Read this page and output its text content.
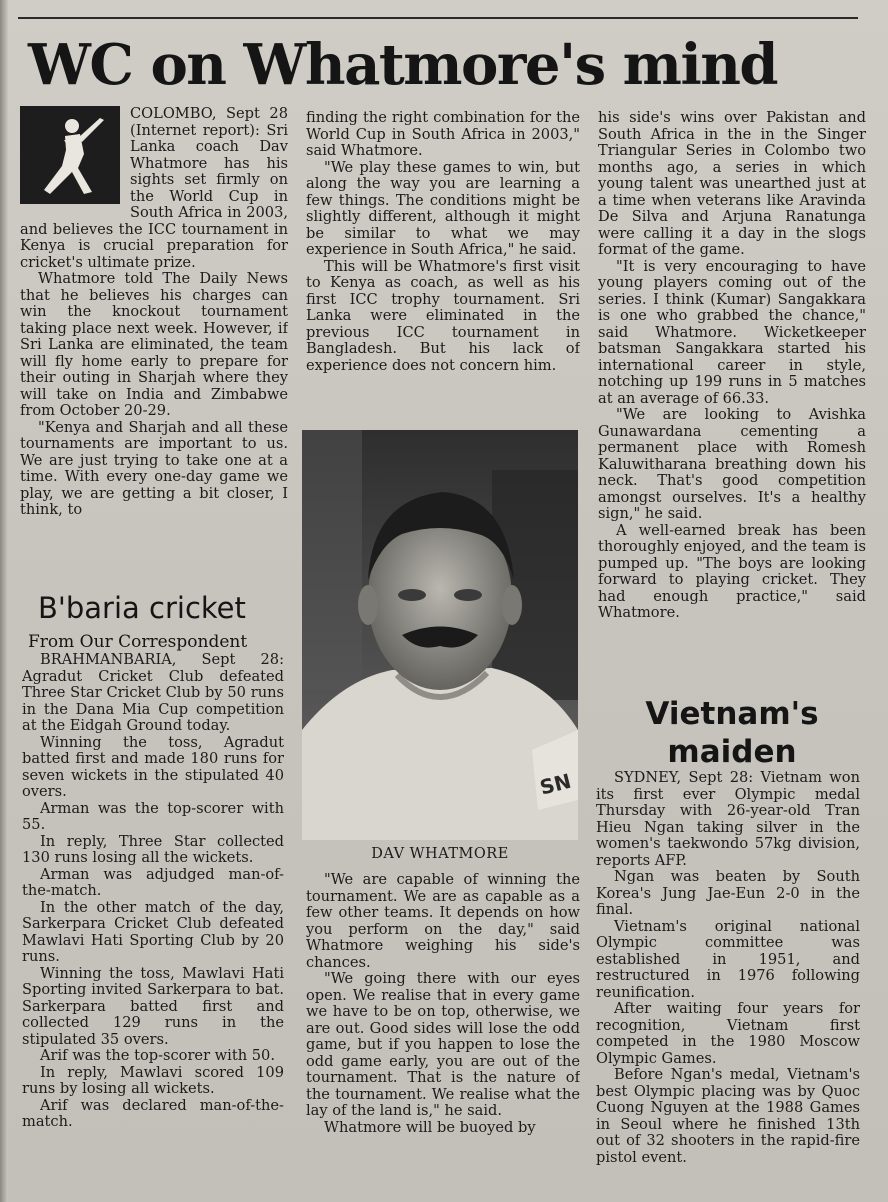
WC on Whatmore's mind

COLOMBO, Sept 28 (Internet report): Sri Lanka coach Dav Whatmore has his sights set firmly on the World Cup in South Africa in 2003, and believes the ICC tournament in Kenya is crucial preparation for cricket's ultimate prize.

Whatmore told The Daily News that he believes his charges can win the knockout tournament taking place next week. However, if Sri Lanka are eliminated, the team will fly home early to prepare for their outing in Sharjah where they will take on India and Zimbabwe from October 20-29.

"Kenya and Sharjah and all these tournaments are important to us. We are just trying to take one at a time. With every one-day game we play, we are getting a bit closer, I think, to

finding the right combination for the World Cup in South Africa in 2003," said Whatmore.

"We play these games to win, but along the way you are learning a few things. The conditions might be slightly different, although it might be similar to what we may experience in South Africa," he said.

This will be Whatmore's first visit to Kenya as coach, as well as his first ICC trophy tournament. Sri Lanka were eliminated in the previous ICC tournament in Bangladesh. But his lack of experience does not concern him.

SN
DAV WHATMORE

"We are capable of winning the tournament. We are as capable as a few other teams. It depends on how you perform on the day," said Whatmore weighing his side's chances.

"We going there with our eyes open. We realise that in every game we have to be on top, otherwise, we are out. Good sides will lose the odd game, but if you happen to lose the odd game early, you are out of the tournament. That is the nature of the tournament. We realise what the lay of the land is," he said.

Whatmore will be buoyed by

his side's wins over Pakistan and South Africa in the in the Singer Triangular Series in Colombo two months ago, a series in which young talent was unearthed just at a time when veterans like Aravinda De Silva and Arjuna Ranatunga were calling it a day in the slogs format of the game.

"It is very encouraging to have young players coming out of the series. I think (Kumar) Sangakkara is one who grabbed the chance," said Whatmore. Wicketkeeper batsman Sangakkara started his international career in style, notching up 199 runs in 5 matches at an average of 66.33.

"We are looking to Avishka Gunawardana cementing a permanent place with Romesh Kaluwitharana breathing down his neck. That's good competition amongst ourselves. It's a healthy sign," he said.

A well-earned break has been thoroughly enjoyed, and the team is pumped up. "The boys are looking forward to playing cricket. They had enough practice," said Whatmore.

B'baria cricket
From Our Correspondent

BRAHMANBARIA, Sept 28: Agradut Cricket Club defeated Three Star Cricket Club by 50 runs in the Dana Mia Cup competition at the Eidgah Ground today.

Winning the toss, Agradut batted first and made 180 runs for seven wickets in the stipulated 40 overs.

Arman was the top-scorer with 55.

In reply, Three Star collected 130 runs losing all the wickets.

Arman was adjudged man-of-the-match.

In the other match of the day, Sarkerpara Cricket Club defeated Mawlavi Hati Sporting Club by 20 runs.

Winning the toss, Mawlavi Hati Sporting invited Sarkerpara to bat. Sarkerpara batted first and collected 129 runs in the stipulated 35 overs.

Arif was the top-scorer with 50.

In reply, Mawlavi scored 109 runs by losing all wickets.

Arif was declared man-of-the-match.

Vietnam's maiden

SYDNEY, Sept 28: Vietnam won its first ever Olympic medal Thursday with 26-year-old Tran Hieu Ngan taking silver in the women's taekwondo 57kg division, reports AFP.

Ngan was beaten by South Korea's Jung Jae-Eun 2-0 in the final.

Vietnam's original national Olympic committee was established in 1951, and restructured in 1976 following reunification.

After waiting four years for recognition, Vietnam first competed in the 1980 Moscow Olympic Games.

Before Ngan's medal, Vietnam's best Olympic placing was by Quoc Cuong Nguyen at the 1988 Games in Seoul where he finished 13th out of 32 shooters in the rapid-fire pistol event.
